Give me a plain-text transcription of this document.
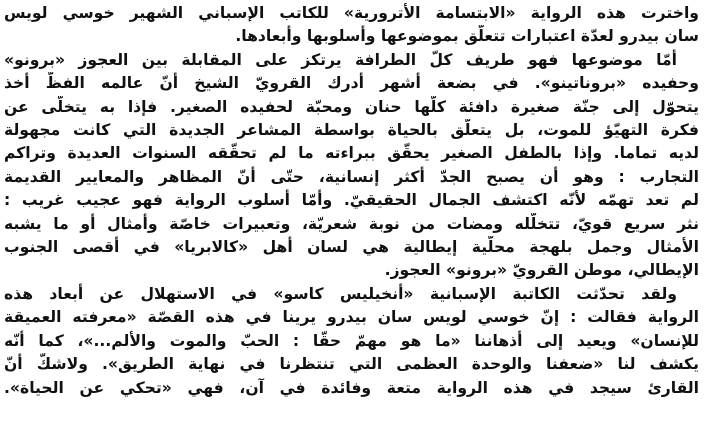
واخترت هذه الرواية «الابتسامة الأترورية» للكاتب الإسباني الشهير خوسي لويس
سان بيدرو لعدّة اعتبارات تتعلّق بموضوعها وأسلوبها وأبعادها.
أمّا موضوعها فهو طريف كلّ الطرافة يرتكز على المقابلة بين العجوز «برونو»
وحفيده «بروناتينو». في بضعة أشهر أدرك القرويّ الشيخ أنّ عالمه الفظّ أخذ
يتحوّل إلى جنّة صغيرة دافئة كلّها حنان ومحبّة لحفيده الصغير. فإذا به يتخلّى عن
فكرة التهيّؤ للموت، بل يتعلّق بالحياة بواسطة المشاعر الجديدة التي كانت مجهولة
لديه تماما. وإذا بالطفل الصغير يحقّق ببراءته ما لم تحقّقه السنوات العديدة وتراكم
التجارب : وهو أن يصبح الجدّ أكثر إنسانية، حتّى أنّ المظاهر والمعايير القديمة
لم تعد تهمّه لأنّه اكتشف الجمال الحقيقيّ. وأمّا أسلوب الرواية فهو عجيب غريب :
نثر سريع قويّ، تتخلّله ومضات من نوبة شعريّة، وتعبيرات خاصّة وأمثال أو ما يشبه
الأمثال وجمل بلهجة محلّية إيطالية هي لسان أهل «كالابريا» في أقصى الجنوب
الإيطالي، موطن القرويّ «برونو» العجوز.
ولقد تحدّثت الكاتبة الإسبانية «أنخيليس كاسو» في الاستهلال عن أبعاد هذه
الرواية فقالت : إنّ خوسي لويس سان بيدرو يرينا في هذه القصّة «معرفته العميقة
للإنسان» ويعيد إلى أذهاننا «ما هو مهمّ حقّا : الحبّ والموت والألم...»، كما أنّه
يكشف لنا «ضعفنا والوحدة العظمى التي تنتظرنا في نهاية الطريق». ولاشكّ أنّ
القارئ سيجد في هذه الرواية متعة وفائدة في آن، فهي «تحكي عن الحياة».
